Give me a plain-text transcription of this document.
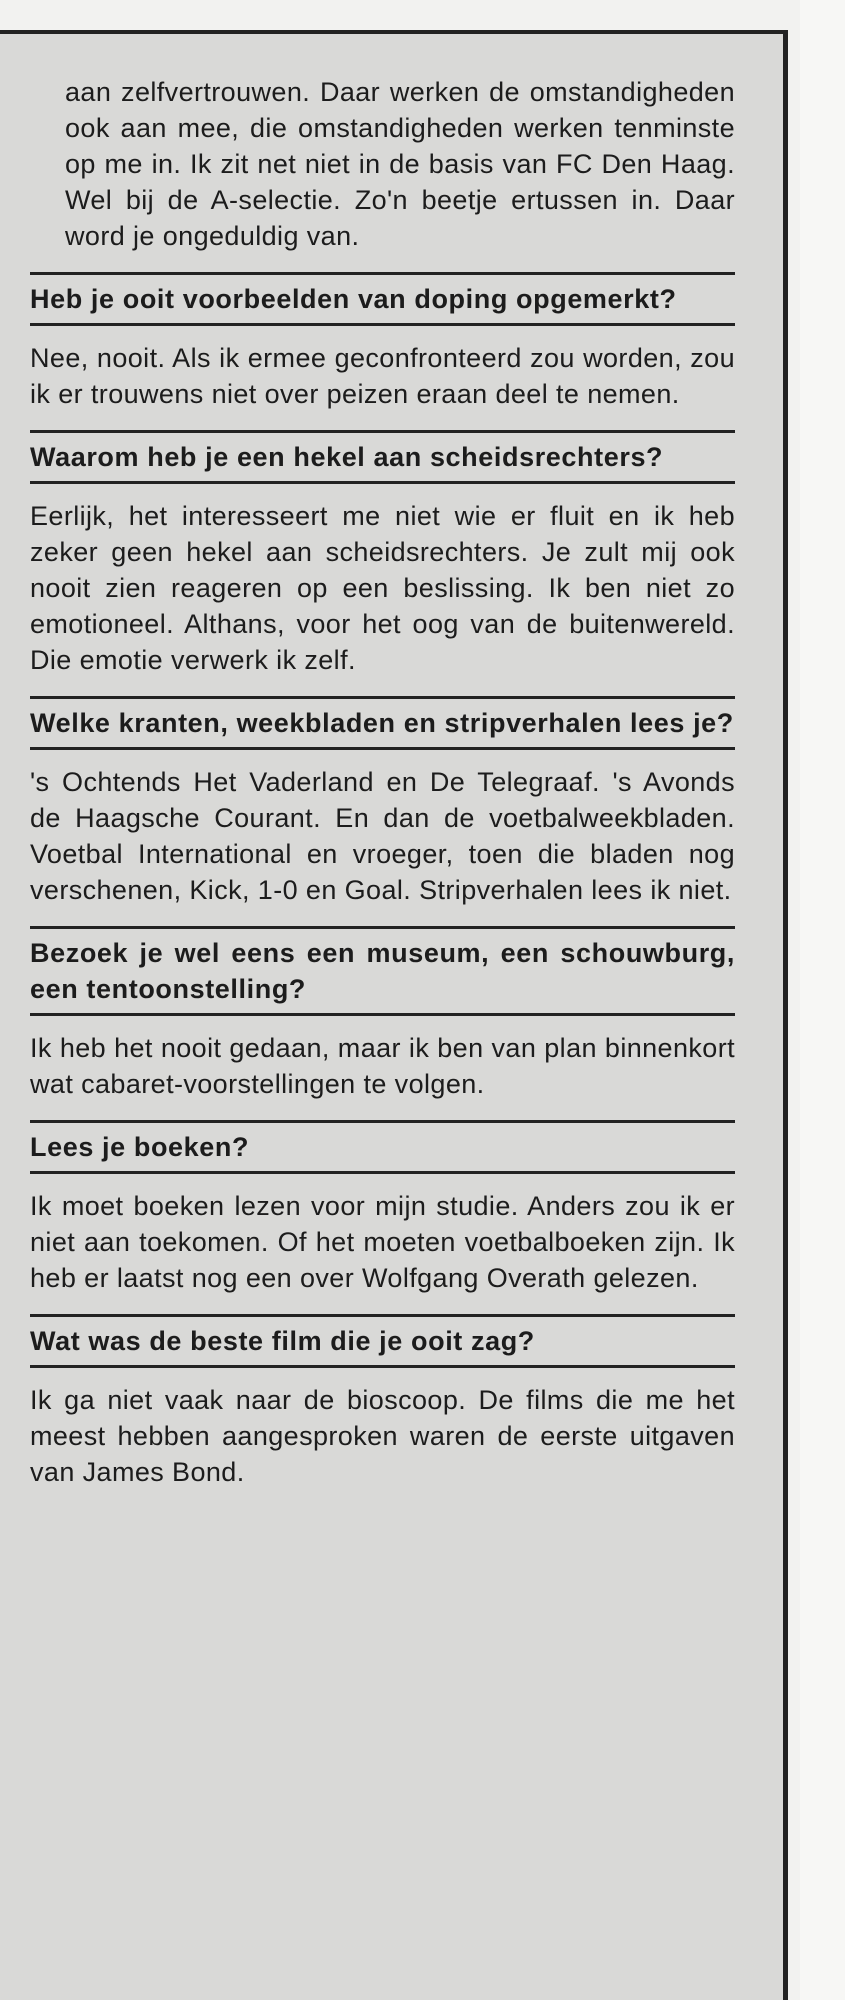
aan zelfvertrouwen. Daar werken de omstandigheden ook aan mee, die omstandigheden werken tenminste op me in. Ik zit net niet in de basis van FC Den Haag. Wel bij de A-selectie. Zo'n beetje ertussen in. Daar word je ongeduldig van.

Heb je ooit voorbeelden van doping opgemerkt?

Nee, nooit. Als ik ermee geconfronteerd zou worden, zou ik er trouwens niet over peizen eraan deel te nemen.

Waarom heb je een hekel aan scheidsrechters?

Eerlijk, het interesseert me niet wie er fluit en ik heb zeker geen hekel aan scheidsrechters. Je zult mij ook nooit zien reageren op een beslissing. Ik ben niet zo emotioneel. Althans, voor het oog van de buitenwereld. Die emotie verwerk ik zelf.

Welke kranten, weekbladen en stripverhalen lees je?

's Ochtends Het Vaderland en De Telegraaf. 's Avonds de Haagsche Courant. En dan de voetbalweekbladen. Voetbal International en vroeger, toen die bladen nog verschenen, Kick, 1-0 en Goal. Stripverhalen lees ik niet.

Bezoek je wel eens een museum, een schouwburg, een tentoonstelling?

Ik heb het nooit gedaan, maar ik ben van plan binnenkort wat cabaret-voorstellingen te volgen.

Lees je boeken?

Ik moet boeken lezen voor mijn studie. Anders zou ik er niet aan toekomen. Of het moeten voetbalboeken zijn. Ik heb er laatst nog een over Wolfgang Overath gelezen.

Wat was de beste film die je ooit zag?

Ik ga niet vaak naar de bioscoop. De films die me het meest hebben aangesproken waren de eerste uitgaven van James Bond.
